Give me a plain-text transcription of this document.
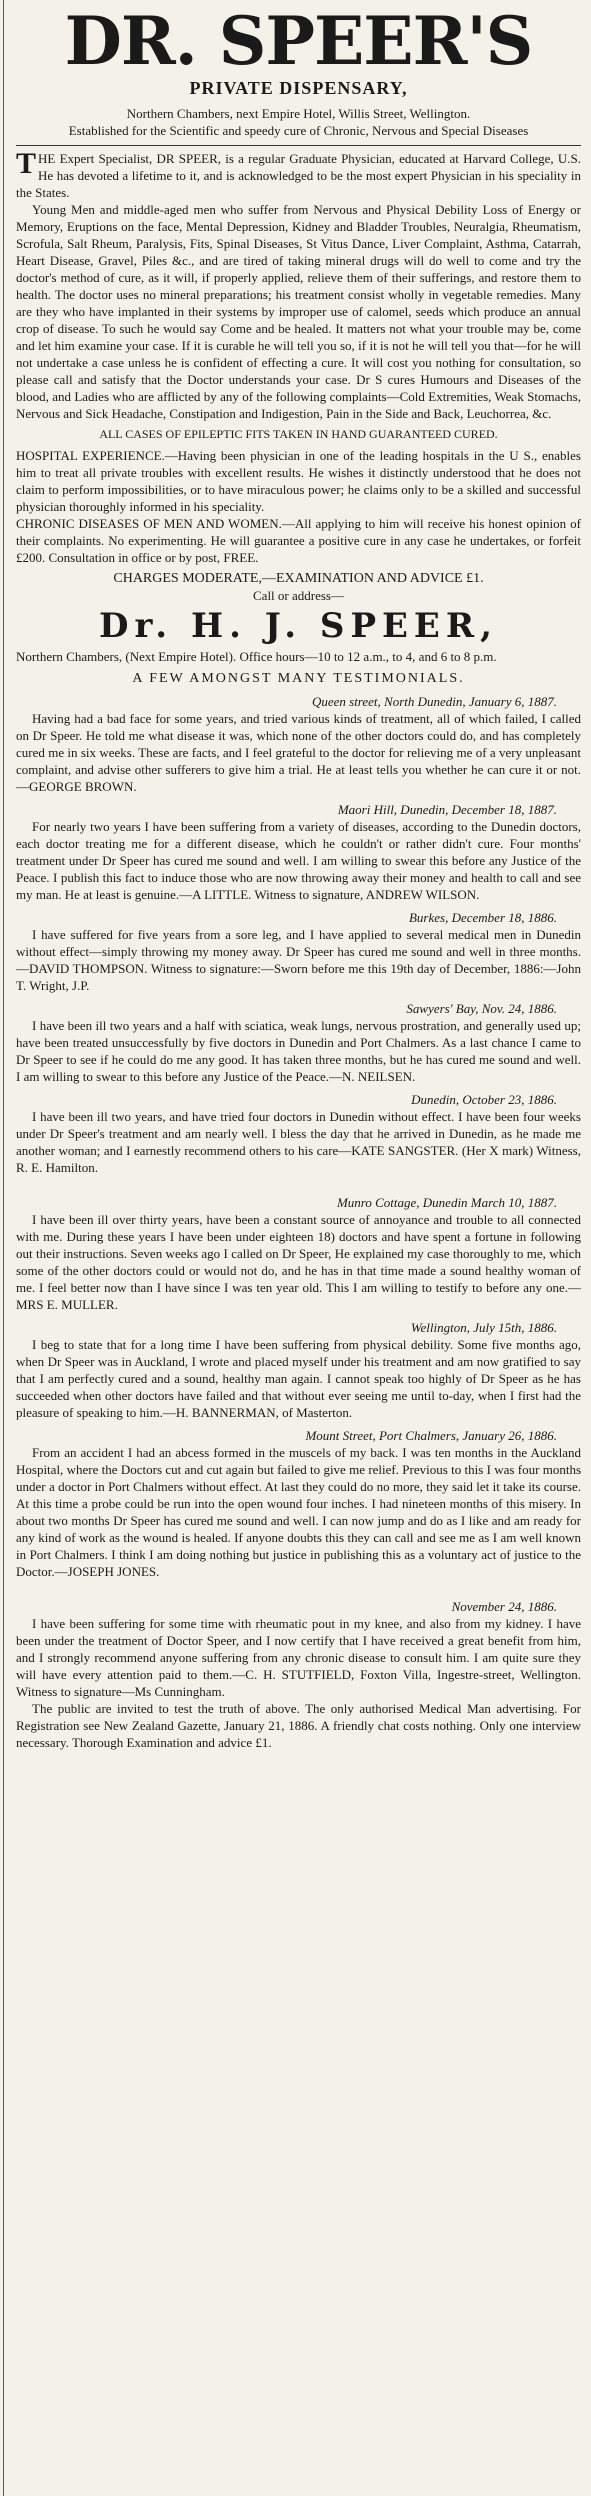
DR. SPEER'S
PRIVATE DISPENSARY,

Northern Chambers, next Empire Hotel, Willis Street, Wellington.

Established for the Scientific and speedy cure of Chronic, Nervous and Special Diseases

THE Expert Specialist, DR SPEER, is a regular Graduate Physician, educated at Harvard College, U.S. He has devoted a lifetime to it, and is acknowledged to be the most expert Physician in his speciality in the States.

Young Men and middle-aged men who suffer from Nervous and Physical Debility Loss of Energy or Memory, Eruptions on the face, Mental Depression, Kidney and Bladder Troubles, Neuralgia, Rheumatism, Scrofula, Salt Rheum, Paralysis, Fits, Spinal Diseases, St Vitus Dance, Liver Complaint, Asthma, Catarrah, Heart Disease, Gravel, Piles &c., and are tired of taking mineral drugs will do well to come and try the doctor's method of cure, as it will, if properly applied, relieve them of their sufferings, and restore them to health. The doctor uses no mineral preparations; his treatment consist wholly in vegetable remedies. Many are they who have implanted in their systems by improper use of calomel, seeds which produce an annual crop of disease. To such he would say Come and be healed. It matters not what your trouble may be, come and let him examine your case. If it is curable he will tell you so, if it is not he will tell you that—for he will not undertake a case unless he is confident of effecting a cure. It will cost you nothing for consultation, so please call and satisfy that the Doctor understands your case. Dr S cures Humours and Diseases of the blood, and Ladies who are afflicted by any of the following complaints—Cold Extremities, Weak Stomachs, Nervous and Sick Headache, Constipation and Indigestion, Pain in the Side and Back, Leuchorrea, &c.

ALL CASES OF EPILEPTIC FITS TAKEN IN HAND GUARANTEED CURED.

HOSPITAL EXPERIENCE.—Having been physician in one of the leading hospitals in the U S., enables him to treat all private troubles with excellent results. He wishes it distinctly understood that he does not claim to perform impossibilities, or to have miraculous power; he claims only to be a skilled and successful physician thoroughly informed in his speciality.

CHRONIC DISEASES OF MEN AND WOMEN.—All applying to him will receive his honest opinion of their complaints. No experimenting. He will guarantee a positive cure in any case he undertakes, or forfeit £200. Consultation in office or by post, FREE.

CHARGES MODERATE,—EXAMINATION AND ADVICE £1.

Call or address—

Dr. H. J. SPEER,

Northern Chambers, (Next Empire Hotel). Office hours—10 to 12 a.m., to 4, and 6 to 8 p.m.

A FEW AMONGST MANY TESTIMONIALS.
Queen street, North Dunedin, January 6, 1887.

Having had a bad face for some years, and tried various kinds of treatment, all of which failed, I called on Dr Speer. He told me what disease it was, which none of the other doctors could do, and has completely cured me in six weeks. These are facts, and I feel grateful to the doctor for relieving me of a very unpleasant complaint, and advise other sufferers to give him a trial. He at least tells you whether he can cure it or not.—GEORGE BROWN.

Maori Hill, Dunedin, December 18, 1887.

For nearly two years I have been suffering from a variety of diseases, according to the Dunedin doctors, each doctor treating me for a different disease, which he couldn't or rather didn't cure. Four months' treatment under Dr Speer has cured me sound and well. I am willing to swear this before any Justice of the Peace. I publish this fact to induce those who are now throwing away their money and health to call and see my man. He at least is genuine.—A LITTLE. Witness to signature, ANDREW WILSON.

Burkes, December 18, 1886.

I have suffered for five years from a sore leg, and I have applied to several medical men in Dunedin without effect—simply throwing my money away. Dr Speer has cured me sound and well in three months.—DAVID THOMPSON. Witness to signature:—Sworn before me this 19th day of December, 1886:—John T. Wright, J.P.

Sawyers' Bay, Nov. 24, 1886.

I have been ill two years and a half with sciatica, weak lungs, nervous prostration, and generally used up; have been treated unsuccessfully by five doctors in Dunedin and Port Chalmers. As a last chance I came to Dr Speer to see if he could do me any good. It has taken three months, but he has cured me sound and well. I am willing to swear to this before any Justice of the Peace.—N. NEILSEN.

Dunedin, October 23, 1886.

I have been ill two years, and have tried four doctors in Dunedin without effect. I have been four weeks under Dr Speer's treatment and am nearly well. I bless the day that he arrived in Dunedin, as he made me another woman; and I earnestly recommend others to his care—KATE SANGSTER. (Her X mark) Witness, R. E. Hamilton.

Munro Cottage, Dunedin March 10, 1887.

I have been ill over thirty years, have been a constant source of annoyance and trouble to all connected with me. During these years I have been under eighteen 18) doctors and have spent a fortune in following out their instructions. Seven weeks ago I called on Dr Speer, He explained my case thoroughly to me, which some of the other doctors could or would not do, and he has in that time made a sound healthy woman of me. I feel better now than I have since I was ten year old. This I am willing to testify to before any one.—MRS E. MULLER.

Wellington, July 15th, 1886.

I beg to state that for a long time I have been suffering from physical debility. Some five months ago, when Dr Speer was in Auckland, I wrote and placed myself under his treatment and am now gratified to say that I am perfectly cured and a sound, healthy man again. I cannot speak too highly of Dr Speer as he has succeeded when other doctors have failed and that without ever seeing me until to-day, when I first had the pleasure of speaking to him.—H. BANNERMAN, of Masterton.

Mount Street, Port Chalmers, January 26, 1886.

From an accident I had an abcess formed in the muscels of my back. I was ten months in the Auckland Hospital, where the Doctors cut and cut again but failed to give me relief. Previous to this I was four months under a doctor in Port Chalmers without effect. At last they could do no more, they said let it take its course. At this time a probe could be run into the open wound four inches. I had nineteen months of this misery. In about two months Dr Speer has cured me sound and well. I can now jump and do as I like and am ready for any kind of work as the wound is healed. If anyone doubts this they can call and see me as I am well known in Port Chalmers. I think I am doing nothing but justice in publishing this as a voluntary act of justice to the Doctor.—JOSEPH JONES.

November 24, 1886.

I have been suffering for some time with rheumatic pout in my knee, and also from my kidney. I have been under the treatment of Doctor Speer, and I now certify that I have received a great benefit from him, and I strongly recommend anyone suffering from any chronic disease to consult him. I am quite sure they will have every attention paid to them.—C. H. STUTFIELD, Foxton Villa, Ingestre-street, Wellington. Witness to signature—Ms Cunningham.

The public are invited to test the truth of above. The only authorised Medical Man advertising. For Registration see New Zealand Gazette, January 21, 1886. A friendly chat costs nothing. Only one interview necessary. Thorough Examination and advice £1.
